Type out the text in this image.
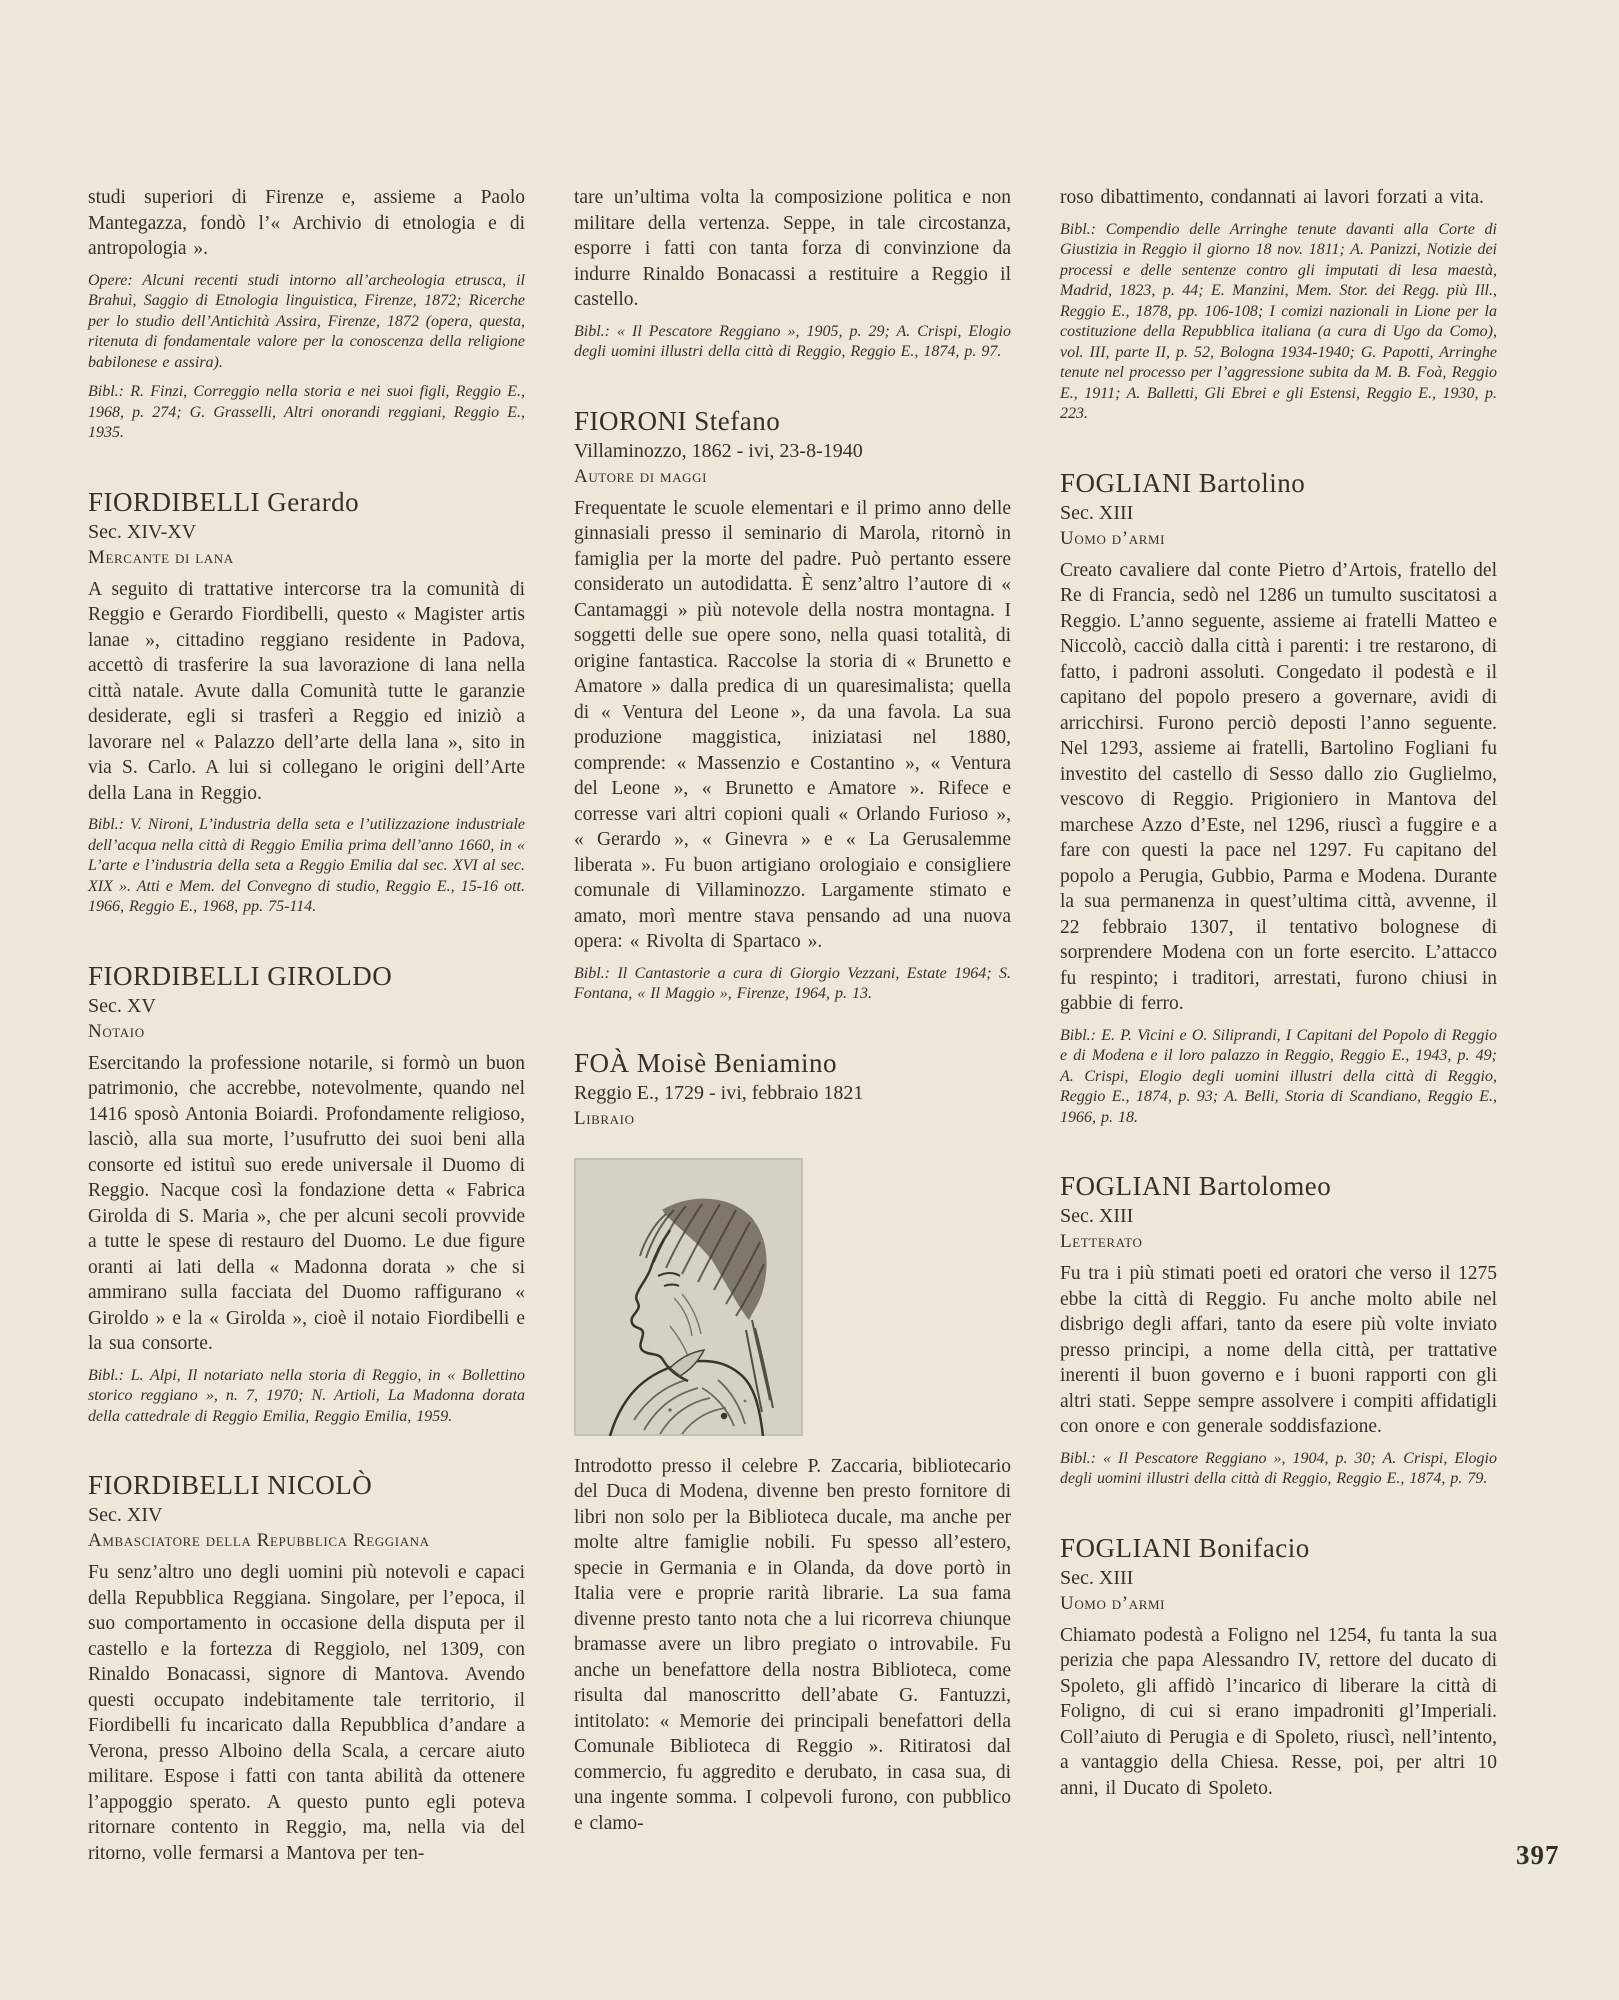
studi superiori di Firenze e, assieme a Paolo Mantegazza, fondò l’« Archivio di etnologia e di antropologia ».

Opere: Alcuni recenti studi intorno all’archeologia etrusca, il Brahuì, Saggio di Etnologia linguistica, Firenze, 1872; Ricerche per lo studio dell’Antichità Assira, Firenze, 1872 (opera, questa, ritenuta di fondamentale valore per la conoscenza della religione babilonese e assira).

Bibl.: R. Finzi, Correggio nella storia e nei suoi figli, Reggio E., 1968, p. 274; G. Grasselli, Altri onorandi reggiani, Reggio E., 1935.

FIORDIBELLI Gerardo
Sec. XIV-XV
Mercante di lana

A seguito di trattative intercorse tra la comunità di Reggio e Gerardo Fiordibelli, questo « Magister artis lanae », cittadino reggiano residente in Padova, accettò di trasferire la sua lavorazione di lana nella città natale. Avute dalla Comunità tutte le garanzie desiderate, egli si trasferì a Reggio ed iniziò a lavorare nel « Palazzo dell’arte della lana », sito in via S. Carlo. A lui si collegano le origini dell’Arte della Lana in Reggio.

Bibl.: V. Nironi, L’industria della seta e l’utilizzazione industriale dell’acqua nella città di Reggio Emilia prima dell’anno 1660, in « L’arte e l’industria della seta a Reggio Emilia dal sec. XVI al sec. XIX ». Atti e Mem. del Convegno di studio, Reggio E., 15-16 ott. 1966, Reggio E., 1968, pp. 75-114.

FIORDIBELLI GIROLDO
Sec. XV
Notaio

Esercitando la professione notarile, si formò un buon patrimonio, che accrebbe, notevolmente, quando nel 1416 sposò Antonia Boiardi. Profondamente religioso, lasciò, alla sua morte, l’usufrutto dei suoi beni alla consorte ed istituì suo erede universale il Duomo di Reggio. Nacque così la fondazione detta « Fabrica Girolda di S. Maria », che per alcuni secoli provvide a tutte le spese di restauro del Duomo. Le due figure oranti ai lati della « Madonna dorata » che si ammirano sulla facciata del Duomo raffigurano « Giroldo » e la « Girolda », cioè il notaio Fiordibelli e la sua consorte.

Bibl.: L. Alpi, Il notariato nella storia di Reggio, in « Bollettino storico reggiano », n. 7, 1970; N. Artioli, La Madonna dorata della cattedrale di Reggio Emilia, Reggio Emilia, 1959.

FIORDIBELLI NICOLÒ
Sec. XIV
Ambasciatore della Repubblica Reggiana

Fu senz’altro uno degli uomini più notevoli e capaci della Repubblica Reggiana. Singolare, per l’epoca, il suo comportamento in occasione della disputa per il castello e la fortezza di Reggiolo, nel 1309, con Rinaldo Bonacassi, signore di Mantova. Avendo questi occupato indebitamente tale territorio, il Fiordibelli fu incaricato dalla Repubblica d’andare a Verona, presso Alboino della Scala, a cercare aiuto militare. Espose i fatti con tanta abilità da ottenere l’appoggio sperato. A questo punto egli poteva ritornare contento in Reggio, ma, nella via del ritorno, volle fermarsi a Mantova per ten-

tare un’ultima volta la composizione politica e non militare della vertenza. Seppe, in tale circostanza, esporre i fatti con tanta forza di convinzione da indurre Rinaldo Bonacassi a restituire a Reggio il castello.

Bibl.: « Il Pescatore Reggiano », 1905, p. 29; A. Crispi, Elogio degli uomini illustri della città di Reggio, Reggio E., 1874, p. 97.

FIORONI Stefano
Villaminozzo, 1862 - ivi, 23-8-1940
Autore di maggi

Frequentate le scuole elementari e il primo anno delle ginnasiali presso il seminario di Marola, ritornò in famiglia per la morte del padre. Può pertanto essere considerato un autodidatta. È senz’altro l’autore di « Cantamaggi » più notevole della nostra montagna. I soggetti delle sue opere sono, nella quasi totalità, di origine fantastica. Raccolse la storia di « Brunetto e Amatore » dalla predica di un quaresimalista; quella di « Ventura del Leone », da una favola. La sua produzione maggistica, iniziatasi nel 1880, comprende: « Massenzio e Costantino », « Ventura del Leone », « Brunetto e Amatore ». Rifece e corresse vari altri copioni quali « Orlando Furioso », « Gerardo », « Ginevra » e « La Gerusalemme liberata ». Fu buon artigiano orologiaio e consigliere comunale di Villaminozzo. Largamente stimato e amato, morì mentre stava pensando ad una nuova opera: « Rivolta di Spartaco ».

Bibl.: Il Cantastorie a cura di Giorgio Vezzani, Estate 1964; S. Fontana, « Il Maggio », Firenze, 1964, p. 13.

FOÀ Moisè Beniamino
Reggio E., 1729 - ivi, febbraio 1821
Libraio

Introdotto presso il celebre P. Zaccaria, bibliotecario del Duca di Modena, divenne ben presto fornitore di libri non solo per la Biblioteca ducale, ma anche per molte altre famiglie nobili. Fu spesso all’estero, specie in Germania e in Olanda, da dove portò in Italia vere e proprie rarità librarie. La sua fama divenne presto tanto nota che a lui ricorreva chiunque bramasse avere un libro pregiato o introvabile. Fu anche un benefattore della nostra Biblioteca, come risulta dal manoscritto dell’abate G. Fantuzzi, intitolato: « Memorie dei principali benefattori della Comunale Biblioteca di Reggio ». Ritiratosi dal commercio, fu aggredito e derubato, in casa sua, di una ingente somma. I colpevoli furono, con pubblico e clamo-

roso dibattimento, condannati ai lavori forzati a vita.

Bibl.: Compendio delle Arringhe tenute davanti alla Corte di Giustizia in Reggio il giorno 18 nov. 1811; A. Panizzi, Notizie dei processi e delle sentenze contro gli imputati di lesa maestà, Madrid, 1823, p. 44; E. Manzini, Mem. Stor. dei Regg. più Ill., Reggio E., 1878, pp. 106-108; I comizi nazionali in Lione per la costituzione della Repubblica italiana (a cura di Ugo da Como), vol. III, parte II, p. 52, Bologna 1934-1940; G. Papotti, Arringhe tenute nel processo per l’aggressione subita da M. B. Foà, Reggio E., 1911; A. Balletti, Gli Ebrei e gli Estensi, Reggio E., 1930, p. 223.

FOGLIANI Bartolino
Sec. XIII
Uomo d’armi

Creato cavaliere dal conte Pietro d’Artois, fratello del Re di Francia, sedò nel 1286 un tumulto suscitatosi a Reggio. L’anno seguente, assieme ai fratelli Matteo e Niccolò, cacciò dalla città i parenti: i tre restarono, di fatto, i padroni assoluti. Congedato il podestà e il capitano del popolo presero a governare, avidi di arricchirsi. Furono perciò deposti l’anno seguente. Nel 1293, assieme ai fratelli, Bartolino Fogliani fu investito del castello di Sesso dallo zio Guglielmo, vescovo di Reggio. Prigioniero in Mantova del marchese Azzo d’Este, nel 1296, riuscì a fuggire e a fare con questi la pace nel 1297. Fu capitano del popolo a Perugia, Gubbio, Parma e Modena. Durante la sua permanenza in quest’ultima città, avvenne, il 22 febbraio 1307, il tentativo bolognese di sorprendere Modena con un forte esercito. L’attacco fu respinto; i traditori, arrestati, furono chiusi in gabbie di ferro.

Bibl.: E. P. Vicini e O. Siliprandi, I Capitani del Popolo di Reggio e di Modena e il loro palazzo in Reggio, Reggio E., 1943, p. 49; A. Crispi, Elogio degli uomini illustri della città di Reggio, Reggio E., 1874, p. 93; A. Belli, Storia di Scandiano, Reggio E., 1966, p. 18.

FOGLIANI Bartolomeo
Sec. XIII
Letterato

Fu tra i più stimati poeti ed oratori che verso il 1275 ebbe la città di Reggio. Fu anche molto abile nel disbrigo degli affari, tanto da esere più volte inviato presso principi, a nome della città, per trattative inerenti il buon governo e i buoni rapporti con gli altri stati. Seppe sempre assolvere i compiti affidatigli con onore e con generale soddisfazione.

Bibl.: « Il Pescatore Reggiano », 1904, p. 30; A. Crispi, Elogio degli uomini illustri della città di Reggio, Reggio E., 1874, p. 79.

FOGLIANI Bonifacio
Sec. XIII
Uomo d’armi

Chiamato podestà a Foligno nel 1254, fu tanta la sua perizia che papa Alessandro IV, rettore del ducato di Spoleto, gli affidò l’incarico di liberare la città di Foligno, di cui si erano impadroniti gl’Imperiali. Coll’aiuto di Perugia e di Spoleto, riuscì, nell’intento, a vantaggio della Chiesa. Resse, poi, per altri 10 anni, il Ducato di Spoleto.

397
